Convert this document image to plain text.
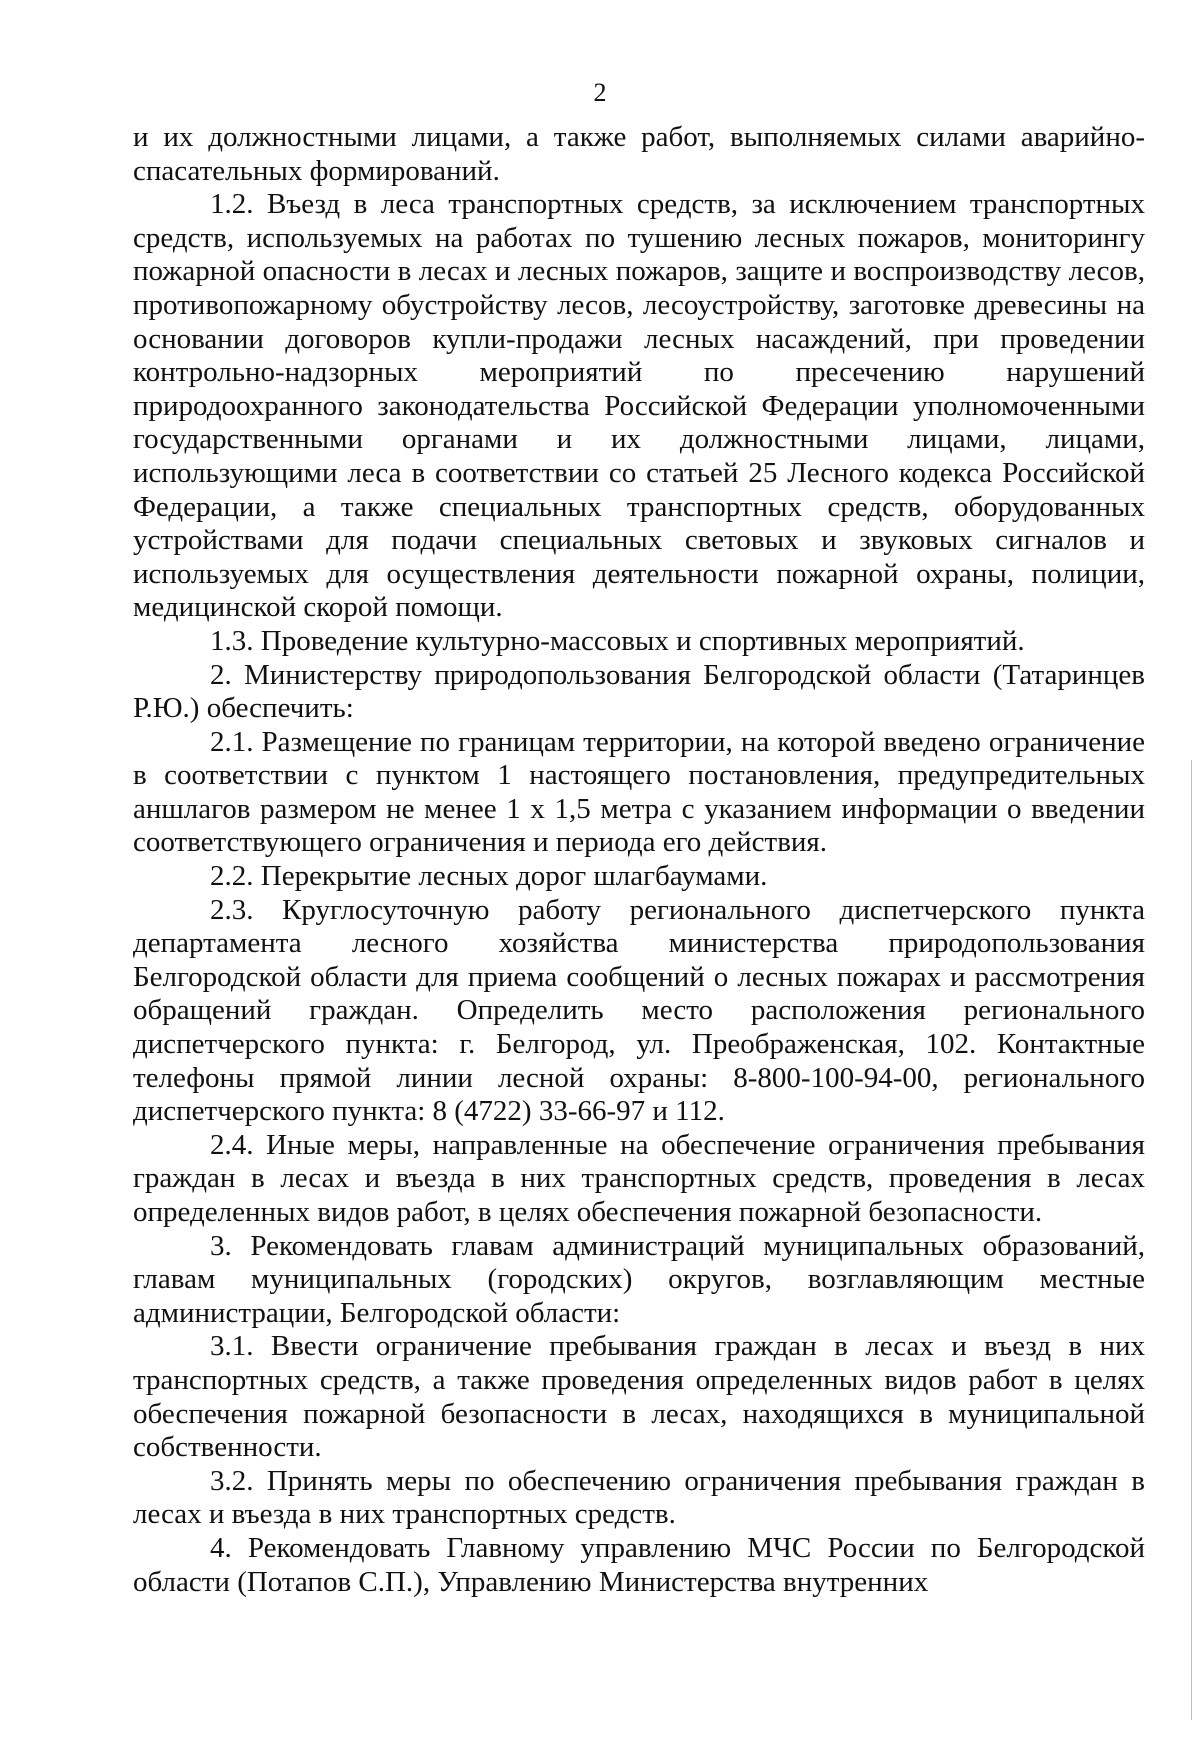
2

и их должностными лицами, а также работ, выполняемых силами аварийно-спасательных формирований.

1.2. Въезд в леса транспортных средств, за исключением транспортных средств, используемых на работах по тушению лесных пожаров, мониторингу пожарной опасности в лесах и лесных пожаров, защите и воспроизводству лесов, противопожарному обустройству лесов, лесоустройству, заготовке древесины на основании договоров купли-продажи лесных насаждений, при проведении контрольно-надзорных мероприятий по пресечению нарушений природоохранного законодательства Российской Федерации уполномоченными государственными органами и их должностными лицами, лицами, использующими леса в соответствии со статьей 25 Лесного кодекса Российской Федерации, а также специальных транспортных средств, оборудованных устройствами для подачи специальных световых и звуковых сигналов и используемых для осуществления деятельности пожарной охраны, полиции, медицинской скорой помощи.

1.3. Проведение культурно-массовых и спортивных мероприятий.

2. Министерству природопользования Белгородской области (Татаринцев Р.Ю.) обеспечить:

2.1. Размещение по границам территории, на которой введено ограничение в соответствии с пунктом 1 настоящего постановления, предупредительных аншлагов размером не менее 1 х 1,5 метра с указанием информации о введении соответствующего ограничения и периода его действия.

2.2. Перекрытие лесных дорог шлагбаумами.

2.3. Круглосуточную работу регионального диспетчерского пункта департамента лесного хозяйства министерства природопользования Белгородской области для приема сообщений о лесных пожарах и рассмотрения обращений граждан. Определить место расположения регионального диспетчерского пункта: г. Белгород, ул. Преображенская, 102. Контактные телефоны прямой линии лесной охраны: 8-800-100-94-00, регионального диспетчерского пункта: 8 (4722) 33-66-97 и 112.

2.4. Иные меры, направленные на обеспечение ограничения пребывания граждан в лесах и въезда в них транспортных средств, проведения в лесах определенных видов работ, в целях обеспечения пожарной безопасности.

3. Рекомендовать главам администраций муниципальных образований, главам муниципальных (городских) округов, возглавляющим местные администрации, Белгородской области:

3.1. Ввести ограничение пребывания граждан в лесах и въезд в них транспортных средств, а также проведения определенных видов работ в целях обеспечения пожарной безопасности в лесах, находящихся в муниципальной собственности.

3.2. Принять меры по обеспечению ограничения пребывания граждан в лесах и въезда в них транспортных средств.

4. Рекомендовать Главному управлению МЧС России по Белгородской области (Потапов С.П.), Управлению Министерства внутренних
